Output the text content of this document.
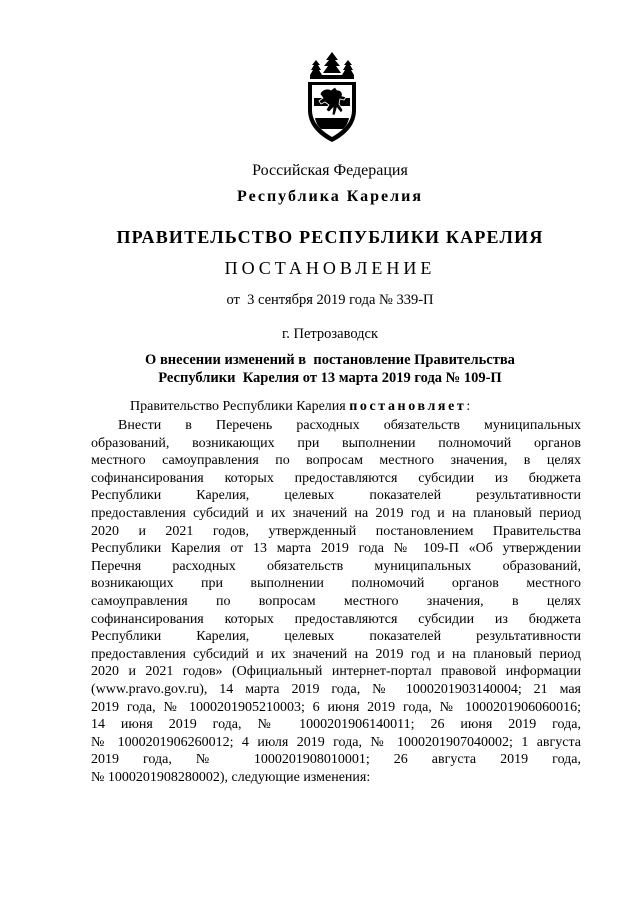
Российская Федерация
Республика Карелия
ПРАВИТЕЛЬСТВО РЕСПУБЛИКИ КАРЕЛИЯ
ПОСТАНОВЛЕНИЕ
от  3 сентября 2019 года № 339-П
г. Петрозаводск
О внесении изменений в  постановление Правительства
Республики  Карелия от 13 марта 2019 года № 109-П
Правительство Республики Карелия постановляет:
Внести в Перечень расходных обязательств муниципальных
образований, возникающих при выполнении полномочий органов
местного самоуправления по вопросам местного значения, в целях
софинансирования которых предоставляются субсидии из бюджета
Республики Карелия, целевых показателей результативности
предоставления субсидий и их значений на 2019 год и на плановый период
2020 и 2021 годов, утвержденный постановлением Правительства
Республики Карелия от 13 марта 2019 года № 109-П «Об утверждении
Перечня расходных обязательств муниципальных образований,
возникающих при выполнении полномочий органов местного
самоуправления по вопросам местного значения, в целях
софинансирования которых предоставляются субсидии из бюджета
Республики Карелия, целевых показателей результативности
предоставления субсидий и их значений на 2019 год и на плановый период
2020 и 2021 годов» (Официальный интернет-портал правовой информации
(www.pravo.gov.ru), 14 марта 2019 года, № 1000201903140004; 21 мая
2019 года, № 1000201905210003; 6 июня 2019 года, № 1000201906060016;
14 июня 2019 года, № 1000201906140011; 26 июня 2019 года,
№ 1000201906260012; 4 июля 2019 года, № 1000201907040002; 1 августа
2019 года, № 1000201908010001; 26 августа 2019 года,
№ 1000201908280002), следующие изменения:
